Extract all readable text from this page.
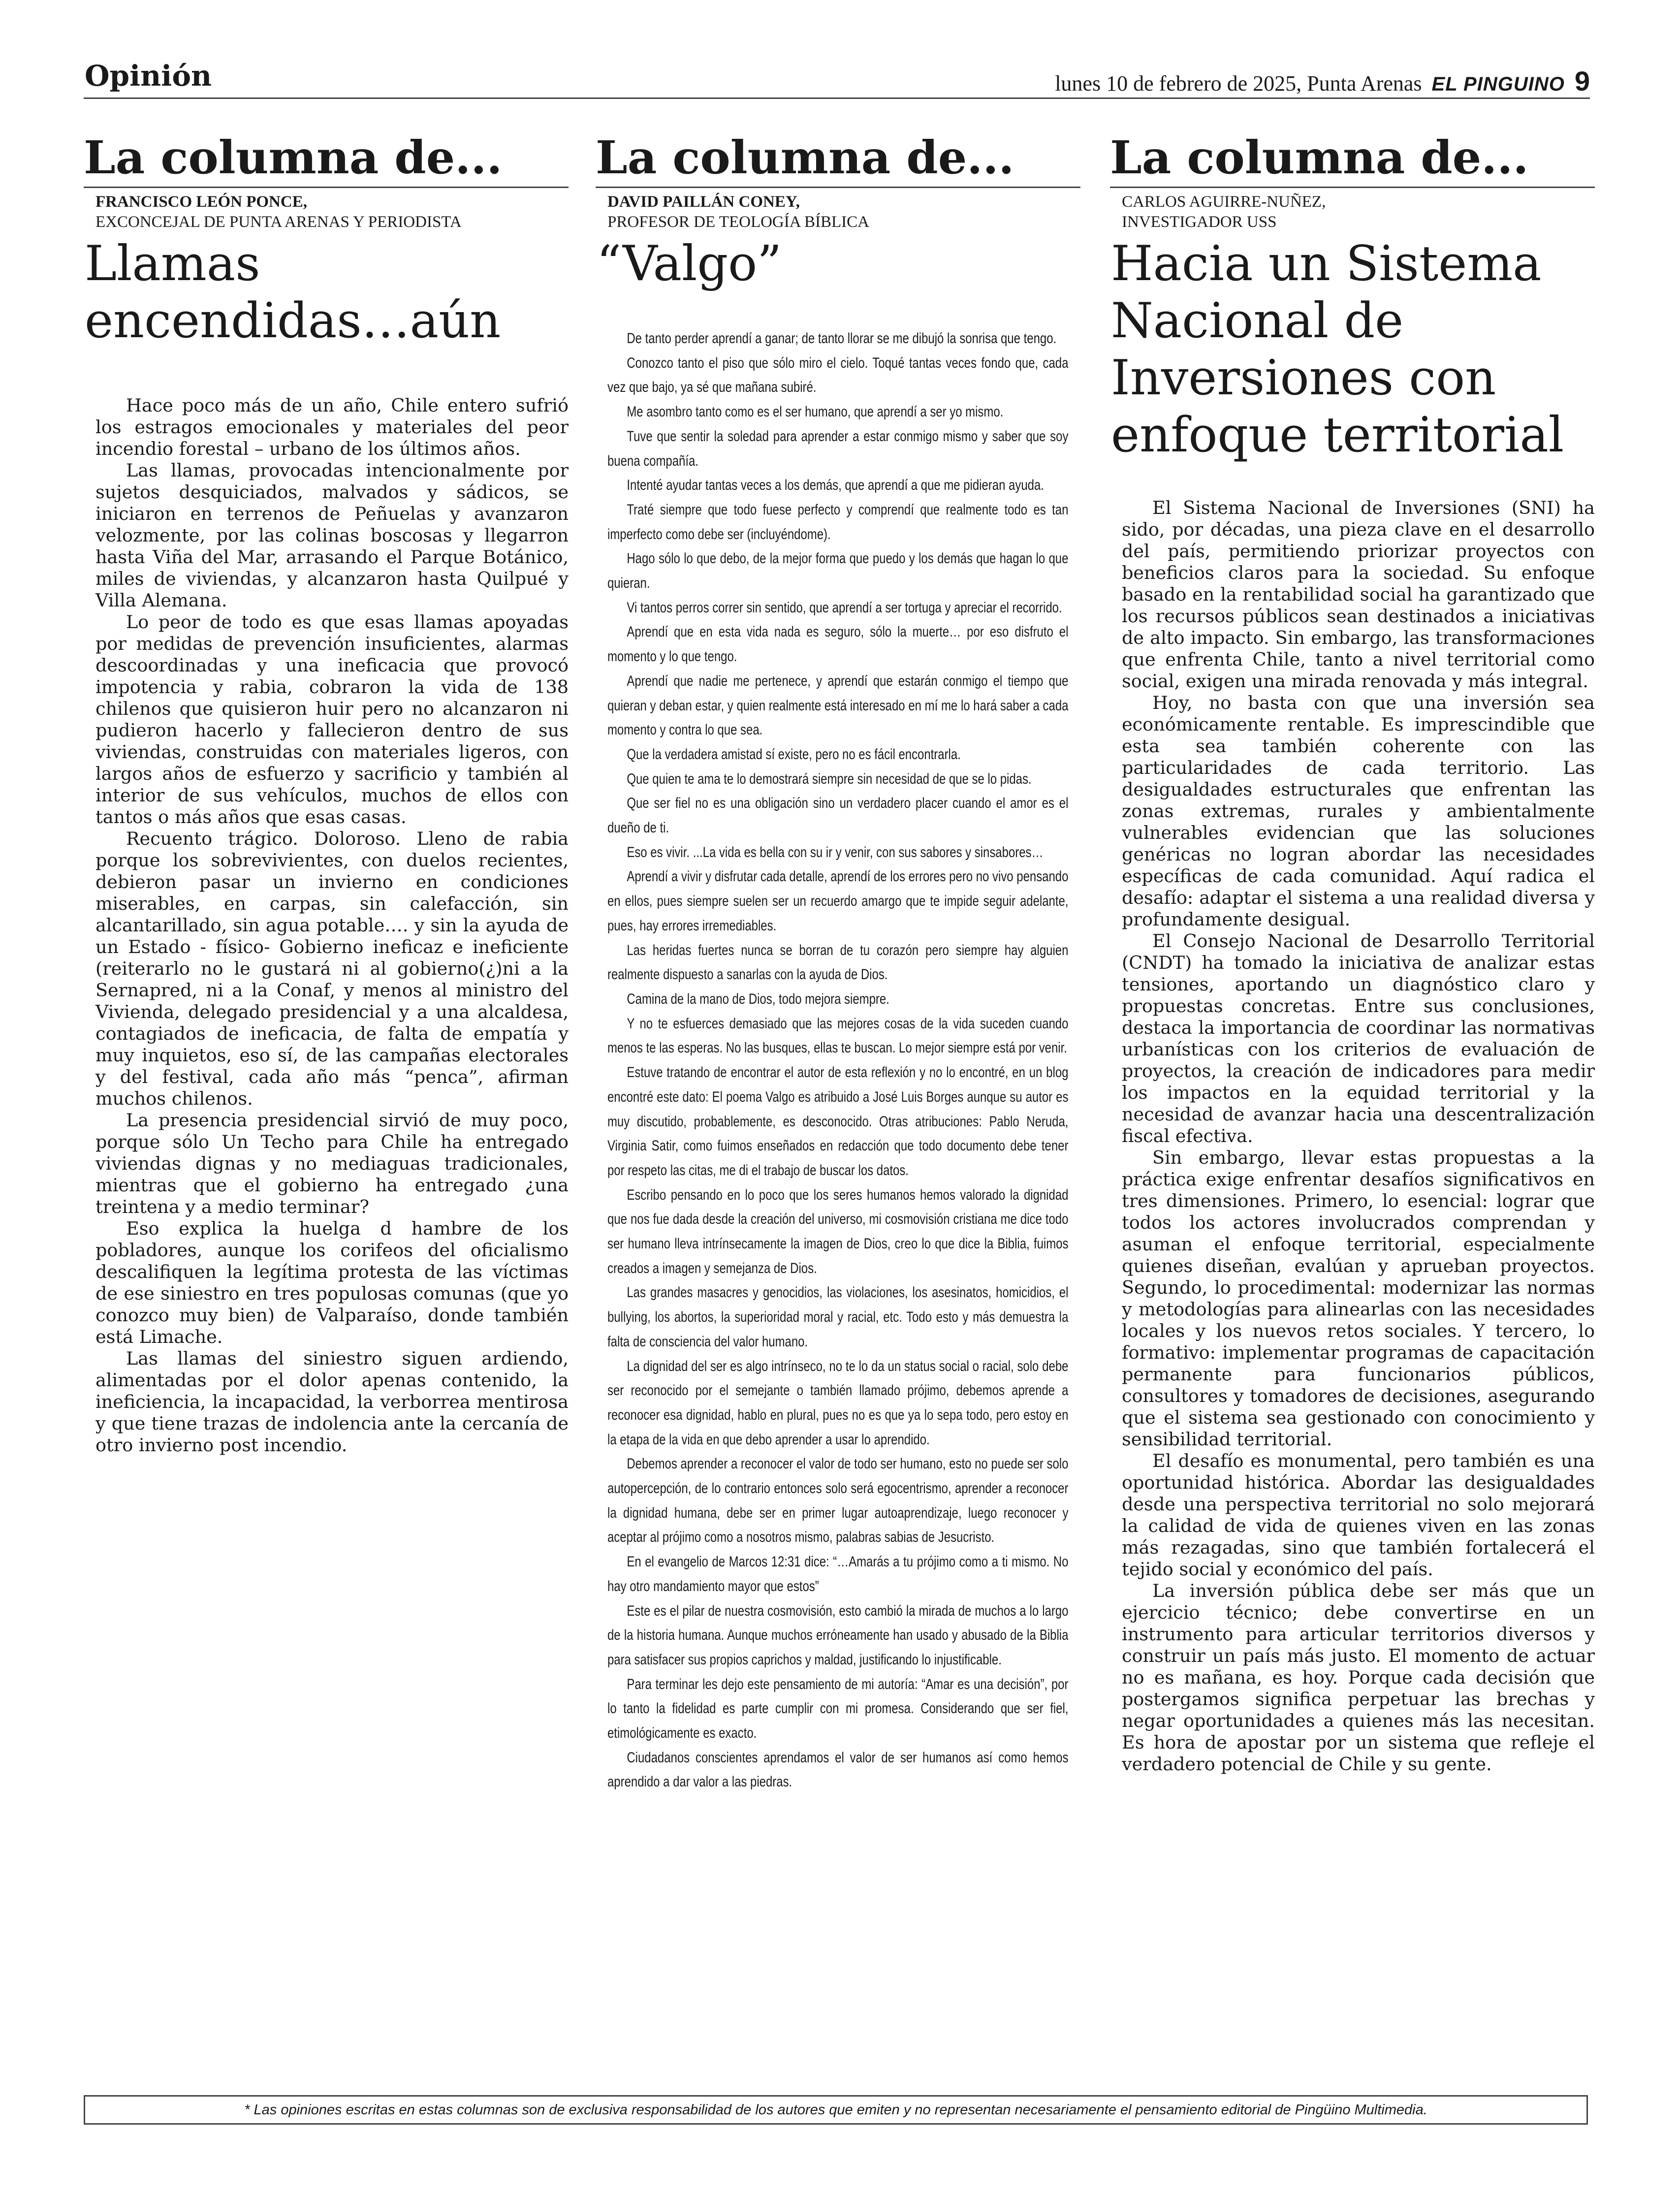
Opinión	lunes 10 de febrero de 2025, Punta Arenas EL PINGUINO 9
La columna de...
FRANCISCO LEÓN PONCE,
EXCONCEJAL DE PUNTA ARENAS Y PERIODISTA
Llamas
encendidas…aún

Hace poco más de un año, Chile entero sufrió los estragos emocionales y materiales del peor incendio forestal – urbano de los últimos años.

Las llamas, provocadas intencionalmente por sujetos desquiciados, malvados y sádicos, se iniciaron en terrenos de Peñuelas y avanzaron velozmente, por las colinas boscosas y llegarron hasta Viña del Mar, arrasando el Parque Botánico, miles de viviendas, y alcanzaron hasta Quilpué y Villa Alemana.

Lo peor de todo es que esas llamas apoyadas por medidas de prevención insuficientes, alarmas descoordinadas y una ineficacia que provocó impotencia y rabia, cobraron la vida de 138 chilenos que quisieron huir pero no alcanzaron ni pudieron hacerlo y fallecieron dentro de sus viviendas, construidas con materiales ligeros, con largos años de esfuerzo y sacrificio y también al interior de sus vehículos, muchos de ellos con tantos o más años que esas casas.

Recuento trágico. Doloroso. Lleno de rabia porque los sobrevivientes, con duelos recientes, debieron pasar un invierno en condiciones miserables, en carpas, sin calefacción, sin alcantarillado, sin agua potable…. y sin la ayuda de un Estado - físico- Gobierno ineficaz e ineficiente (reiterarlo no le gustará ni al gobierno(¿)ni a la Sernapred, ni a la Conaf, y menos al ministro del Vivienda, delegado presidencial y a una alcaldesa, contagiados de ineficacia, de falta de empatía y muy inquietos, eso sí, de las campañas electorales y del festival, cada año más “penca”, afirman muchos chilenos.

La presencia presidencial sirvió de muy poco, porque sólo Un Techo para Chile ha entregado viviendas dignas y no mediaguas tradicionales, mientras que el gobierno ha entregado ¿una treintena y a medio terminar?

Eso explica la huelga d hambre de los pobladores, aunque los corifeos del oficialismo descalifiquen la legítima protesta de las víctimas de ese siniestro en tres populosas comunas (que yo conozco muy bien) de Valparaíso, donde también está Limache.

Las llamas del siniestro siguen ardiendo, alimentadas por el dolor apenas contenido, la ineficiencia, la incapacidad, la verborrea mentirosa y que tiene trazas de indolencia ante la cercanía de otro invierno post incendio.

La columna de...
DAVID PAILLÁN CONEY,
PROFESOR DE TEOLOGÍA BÍBLICA
“Valgo”

De tanto perder aprendí a ganar; de tanto llorar se me dibujó la sonrisa que tengo.

Conozco tanto el piso que sólo miro el cielo. Toqué tantas veces fondo que, cada vez que bajo, ya sé que mañana subiré.

Me asombro tanto como es el ser humano, que aprendí a ser yo mismo.

Tuve que sentir la soledad para aprender a estar conmigo mismo y saber que soy buena compañía.

Intenté ayudar tantas veces a los demás, que aprendí a que me pidieran ayuda.

Traté siempre que todo fuese perfecto y comprendí que realmente todo es tan imperfecto como debe ser (incluyéndome).

Hago sólo lo que debo, de la mejor forma que puedo y los demás que hagan lo que quieran.

Vi tantos perros correr sin sentido, que aprendí a ser tortuga y apreciar el recorrido.

Aprendí que en esta vida nada es seguro, sólo la muerte… por eso disfruto el momento y lo que tengo.

Aprendí que nadie me pertenece, y aprendí que estarán conmigo el tiempo que quieran y deban estar, y quien realmente está interesado en mí me lo hará saber a cada momento y contra lo que sea.

Que la verdadera amistad sí existe, pero no es fácil encontrarla.

Que quien te ama te lo demostrará siempre sin necesidad de que se lo pidas.

Que ser fiel no es una obligación sino un verdadero placer cuando el amor es el dueño de ti.

Eso es vivir. ...La vida es bella con su ir y venir, con sus sabores y sinsabores…

Aprendí a vivir y disfrutar cada detalle, aprendí de los errores pero no vivo pensando en ellos, pues siempre suelen ser un recuerdo amargo que te impide seguir adelante, pues, hay errores irremediables.

Las heridas fuertes nunca se borran de tu corazón pero siempre hay alguien realmente dispuesto a sanarlas con la ayuda de Dios.

Camina de la mano de Dios, todo mejora siempre.

Y no te esfuerces demasiado que las mejores cosas de la vida suceden cuando menos te las esperas. No las busques, ellas te buscan. Lo mejor siempre está por venir.

Estuve tratando de encontrar el autor de esta reflexión y no lo encontré, en un blog encontré este dato: El poema Valgo es atribuido a José Luis Borges aunque su autor es muy discutido, probablemente, es desconocido. Otras atribuciones: Pablo Neruda, Virginia Satir, como fuimos enseñados en redacción que todo documento debe tener por respeto las citas, me di el trabajo de buscar los datos.

Escribo pensando en lo poco que los seres humanos hemos valorado la dignidad que nos fue dada desde la creación del universo, mi cosmovisión cristiana me dice todo ser humano lleva intrínsecamente la imagen de Dios, creo lo que dice la Biblia, fuimos creados a imagen y semejanza de Dios.

Las grandes masacres y genocidios, las violaciones, los asesinatos, homicidios, el bullying, los abortos, la superioridad moral y racial, etc. Todo esto y más demuestra la falta de consciencia del valor humano.

La dignidad del ser es algo intrínseco, no te lo da un status social o racial, solo debe ser reconocido por el semejante o también llamado prójimo, debemos aprende a reconocer esa dignidad, hablo en plural, pues no es que ya lo sepa todo, pero estoy en la etapa de la vida en que debo aprender a usar lo aprendido.

Debemos aprender a reconocer el valor de todo ser humano, esto no puede ser solo autopercepción, de lo contrario entonces solo será egocentrismo, aprender a reconocer la dignidad humana, debe ser en primer lugar autoaprendizaje, luego reconocer y aceptar al prójimo como a nosotros mismo, palabras sabias de Jesucristo.

En el evangelio de Marcos 12:31 dice: “…Amarás a tu prójimo como a ti mismo. No hay otro mandamiento mayor que estos”

Este es el pilar de nuestra cosmovisión, esto cambió la mirada de muchos a lo largo de la historia humana. Aunque muchos erróneamente han usado y abusado de la Biblia para satisfacer sus propios caprichos y maldad, justificando lo injustificable.

Para terminar les dejo este pensamiento de mi autoría: “Amar es una decisión”, por lo tanto la fidelidad es parte cumplir con mi promesa. Considerando que ser fiel, etimológicamente es exacto.

Ciudadanos conscientes aprendamos el valor de ser humanos así como hemos aprendido a dar valor a las piedras.

La columna de...
CARLOS AGUIRRE-NUÑEZ,
INVESTIGADOR USS
Hacia un Sistema
Nacional de
Inversiones con
enfoque territorial

El Sistema Nacional de Inversiones (SNI) ha sido, por décadas, una pieza clave en el desarrollo del país, permitiendo priorizar proyectos con beneficios claros para la sociedad. Su enfoque basado en la rentabilidad social ha garantizado que los recursos públicos sean destinados a iniciativas de alto impacto. Sin embargo, las transformaciones que enfrenta Chile, tanto a nivel territorial como social, exigen una mirada renovada y más integral.

Hoy, no basta con que una inversión sea económicamente rentable. Es imprescindible que esta sea también coherente con las particularidades de cada territorio. Las desigualdades estructurales que enfrentan las zonas extremas, rurales y ambientalmente vulnerables evidencian que las soluciones genéricas no logran abordar las necesidades específicas de cada comunidad. Aquí radica el desafío: adaptar el sistema a una realidad diversa y profundamente desigual.

El Consejo Nacional de Desarrollo Territorial (CNDT) ha tomado la iniciativa de analizar estas tensiones, aportando un diagnóstico claro y propuestas concretas. Entre sus conclusiones, destaca la importancia de coordinar las normativas urbanísticas con los criterios de evaluación de proyectos, la creación de indicadores para medir los impactos en la equidad territorial y la necesidad de avanzar hacia una descentralización fiscal efectiva.

Sin embargo, llevar estas propuestas a la práctica exige enfrentar desafíos significativos en tres dimensiones. Primero, lo esencial: lograr que todos los actores involucrados comprendan y asuman el enfoque territorial, especialmente quienes diseñan, evalúan y aprueban proyectos. Segundo, lo procedimental: modernizar las normas y metodologías para alinearlas con las necesidades locales y los nuevos retos sociales. Y tercero, lo formativo: implementar programas de capacitación permanente para funcionarios públicos, consultores y tomadores de decisiones, asegurando que el sistema sea gestionado con conocimiento y sensibilidad territorial.

El desafío es monumental, pero también es una oportunidad histórica. Abordar las desigualdades desde una perspectiva territorial no solo mejorará la calidad de vida de quienes viven en las zonas más rezagadas, sino que también fortalecerá el tejido social y económico del país.

La inversión pública debe ser más que un ejercicio técnico; debe convertirse en un instrumento para articular territorios diversos y construir un país más justo. El momento de actuar no es mañana, es hoy. Porque cada decisión que postergamos significa perpetuar las brechas y negar oportunidades a quienes más las necesitan. Es hora de apostar por un sistema que refleje el verdadero potencial de Chile y su gente.

* Las opiniones escritas en estas columnas son de exclusiva responsabilidad de los autores que emiten y no representan necesariamente el pensamiento editorial de Pingüino Multimedia.
